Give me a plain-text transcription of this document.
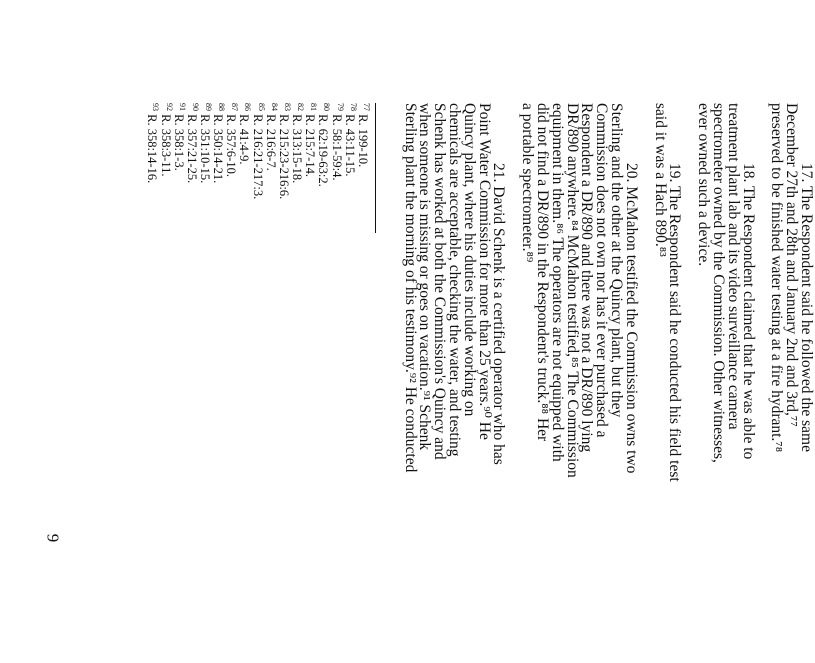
17. The Respondent said he followed the same
December 27th and 28th and January 2nd and 3rd,⁷⁷
preserved to be finished water testing at a fire hydrant.⁷⁸
18. The Respondent claimed that he was able to
treatment plant lab and its video surveillance camera
spectrometer owned by the Commission. Other witnesses,
ever owned such a device.
19. The Respondent said he conducted his field test
said it was a Hach 890.⁸³
20. McMahon testified the Commission owns two
Sterling and the other at the Quincy plant, but they
Commission does not own nor has it ever purchased a
Respondent a DR/890 and there was not a DR/890 lying
DR/890 anywhere.⁸⁴ McMahon testified,⁸⁵ The Commission
equipment in them.⁸⁶ The operators are not equipped with
did not find a DR/890 in the Respondent's truck.⁸⁸ Her
a portable spectrometer.⁸⁹
21. David Schenk is a certified operator who has
Point Water Commission for more than 25 years.⁹⁰ He
Quincy plant, where his duties include working on
chemicals are acceptable, checking the water, and testing
Schenk has worked at both the Commission's Quincy and
when someone is missing or goes on vacation.⁹¹ Schenk
Sterling plant the morning of his testimony.⁹² He conducted
$^{77}$ R. 199-10.
$^{78}$ R. 43:11-15.
$^{79}$ R. 58:1-59:4.
$^{80}$ R. 62:19-63:2.
$^{81}$ R. 215:7-14.
$^{82}$ R. 313:15-18.
$^{83}$ R. 215:23-216:6.
$^{84}$ R. 216:6-7.
$^{85}$ R. 216:21-217:3.
$^{86}$ R. 41:4-9.
$^{87}$ R. 357:6-10.
$^{88}$ R. 350:14-21.
$^{89}$ R. 351:10-15.
$^{90}$ R. 357:21-25.
$^{91}$ R. 358:1-3.
$^{92}$ R. 358:3-11.
$^{93}$ R. 358:14-16.
9
